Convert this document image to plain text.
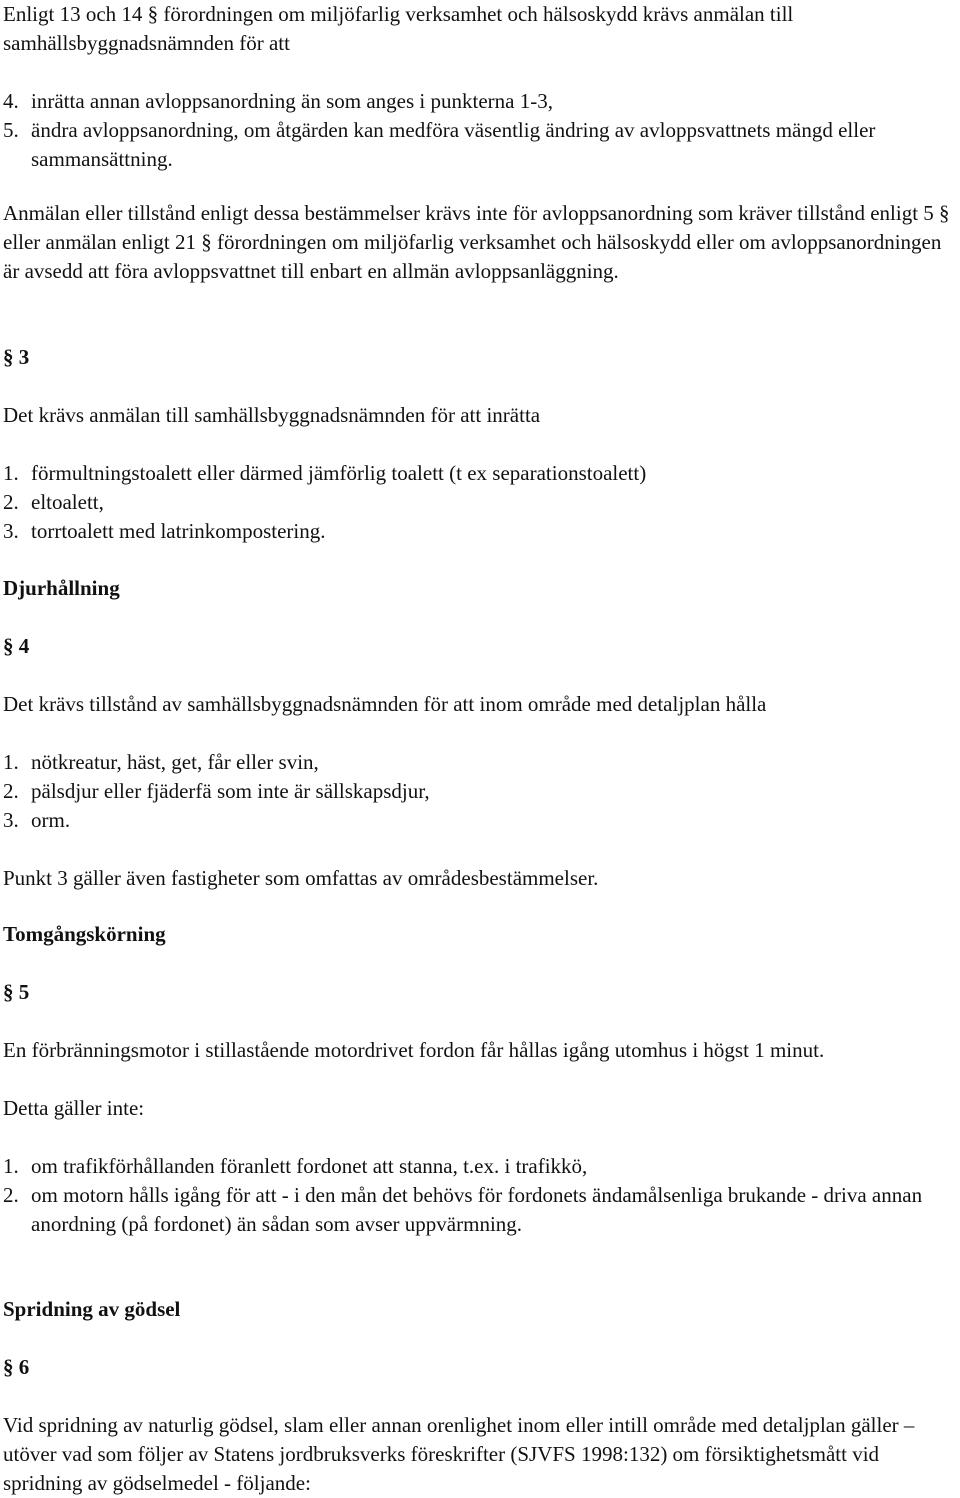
Enligt 13 och 14 § förordningen om miljöfarlig verksamhet och hälsoskydd krävs anmälan till samhällsbyggnadsnämnden för att

4. inrätta annan avloppsanordning än som anges i punkterna 1-3,
5. ändra avloppsanordning, om åtgärden kan medföra väsentlig ändring av avloppsvattnets mängd eller sammansättning.

Anmälan eller tillstånd enligt dessa bestämmelser krävs inte för avloppsanordning som kräver tillstånd enligt 5 § eller anmälan enligt 21 § förordningen om miljöfarlig verksamhet och hälsoskydd eller om avloppsanordningen är avsedd att föra avloppsvattnet till enbart en allmän avloppsanläggning.

§ 3

Det krävs anmälan till samhällsbyggnadsnämnden för att inrätta

1. förmultningstoalett eller därmed jämförlig toalett (t ex separationstoalett)
2. eltoalett,
3. torrtoalett med latrinkompostering.

Djurhållning

§ 4

Det krävs tillstånd av samhällsbyggnadsnämnden för att inom område med detaljplan hålla

1. nötkreatur, häst, get, får eller svin,
2. pälsdjur eller fjäderfä som inte är sällskapsdjur,
3. orm.

Punkt 3 gäller även fastigheter som omfattas av områdesbestämmelser.

Tomgångskörning

§ 5

En förbränningsmotor i stillastående motordrivet fordon får hållas igång utomhus i högst 1 minut.

Detta gäller inte:

1. om trafikförhållanden föranlett fordonet att stanna, t.ex. i trafikkö,
2. om motorn hålls igång för att - i den mån det behövs för fordonets ändamålsenliga brukande - driva annan anordning (på fordonet) än sådan som avser uppvärmning.

Spridning av gödsel

§ 6

Vid spridning av naturlig gödsel, slam eller annan orenlighet inom eller intill område med detaljplan gäller – utöver vad som följer av Statens jordbruksverks föreskrifter (SJVFS 1998:132) om försiktighetsmått vid spridning av gödselmedel - följande:
